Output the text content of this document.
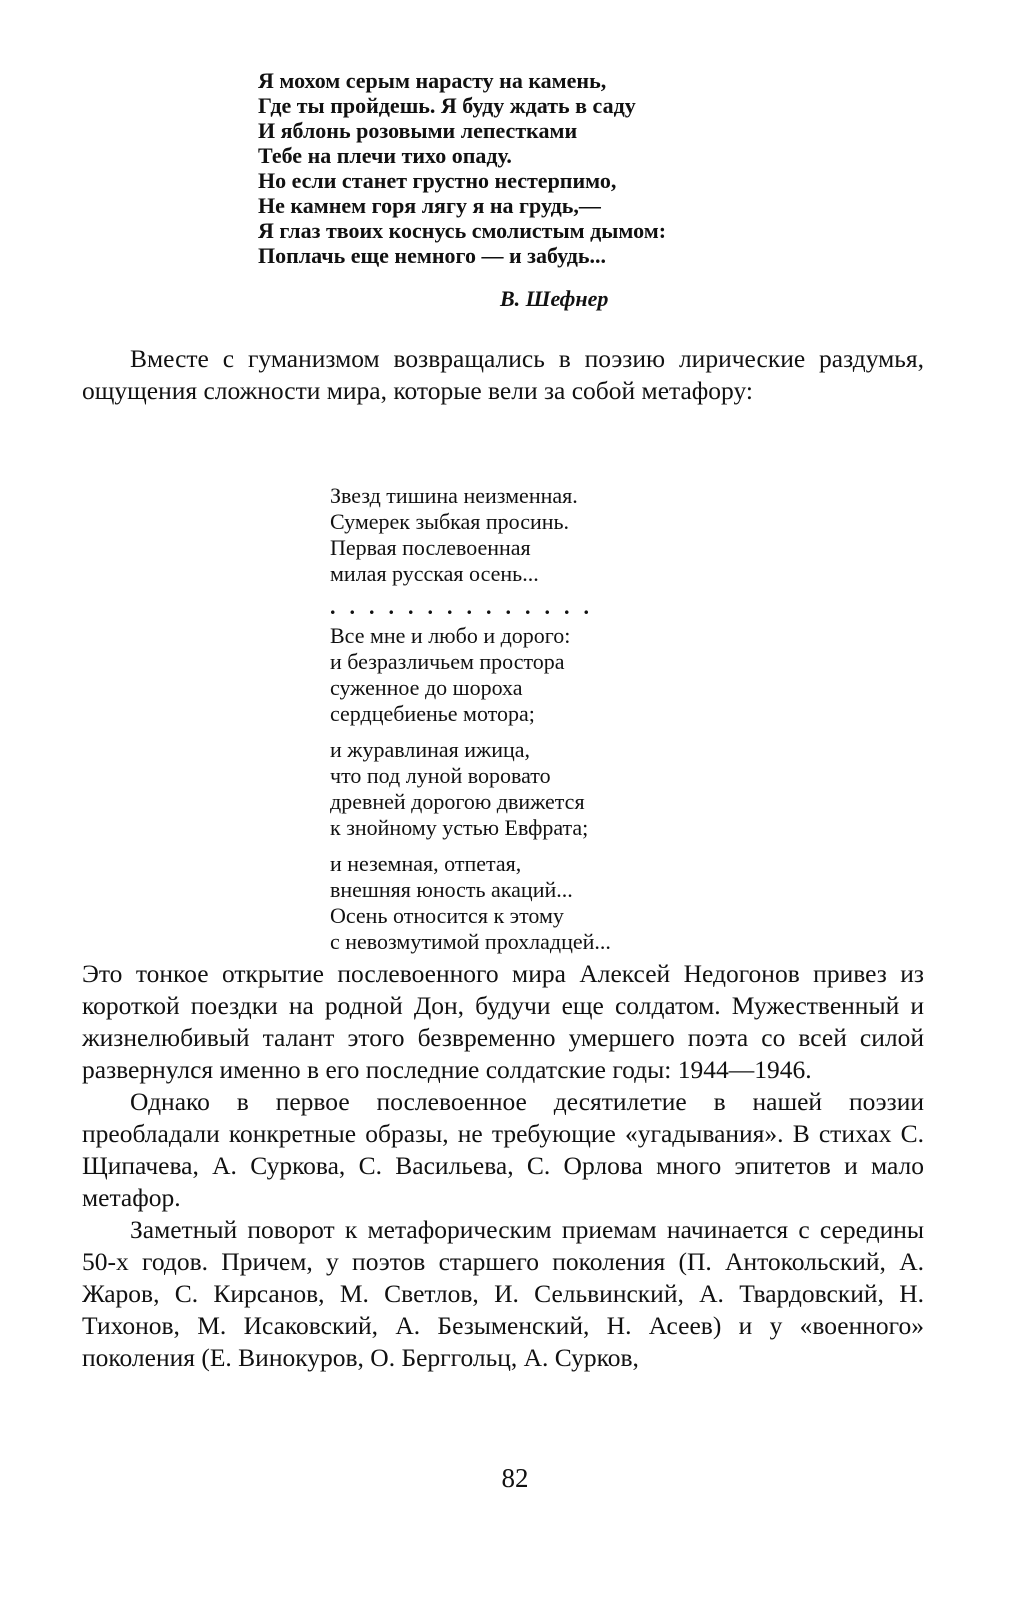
Я мохом серым нарасту на камень,
Где ты пройдешь. Я буду ждать в саду
И яблонь розовыми лепестками
Тебе на плечи тихо опаду.
Но если станет грустно нестерпимо,
Не камнем горя лягу я на грудь,—
Я глаз твоих коснусь смолистым дымом:
Поплачь еще немного — и забудь...
В. Шефнер

Вместе с гуманизмом возвращались в поэзию лирические раздумья, ощущения сложности мира, которые вели за собой метафору:

Звезд тишина неизменная.
Сумерек зыбкая просинь.
Первая послевоенная
милая русская осень...
..............
Все мне и любо и дорого:
и безразличьем простора
суженное до шороха
сердцебиенье мотора;
и журавлиная ижица,
что под луной воровато
древней дорогою движется
к знойному устью Евфрата;
и неземная, отпетая,
внешняя юность акаций...
Осень относится к этому
с невозмутимой прохладцей...

Это тонкое открытие послевоенного мира Алексей Недогонов привез из короткой поездки на родной Дон, будучи еще солдатом. Мужественный и жизнелюбивый талант этого безвременно умершего поэта со всей силой развернулся именно в его последние солдатские годы: 1944—1946.

Однако в первое послевоенное десятилетие в нашей поэзии преобладали конкретные образы, не требующие «угадывания». В стихах С. Щипачева, А. Суркова, С. Васильева, С. Орлова много эпитетов и мало метафор.

Заметный поворот к метафорическим приемам начинается с середины 50-х годов. Причем, у поэтов старшего поколения (П. Антокольский, А. Жаров, С. Кирсанов, М. Светлов, И. Сельвинский, А. Твардовский, Н. Тихонов, М. Исаковский, А. Безыменский, Н. Асеев) и у «военного» поколения (Е. Винокуров, О. Берггольц, А. Сурков,

82
